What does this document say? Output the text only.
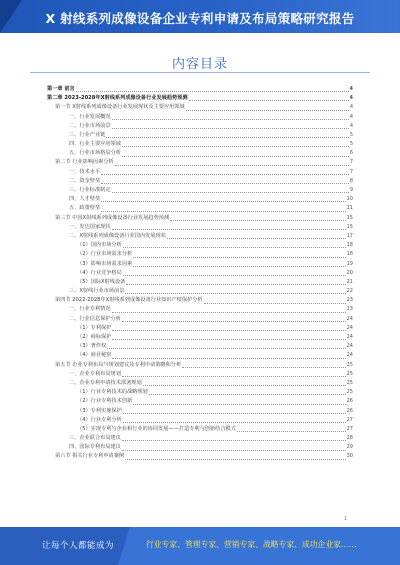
X 射线系列成像设备企业专利申请及布局策略研究报告
内容目录
第一章 前言	4
第二章 2023-2028年X射线系列成像设备行业发展趋势预测	4
第一节 X射线系列成像设备行业发展现状及主要应用领域	4
一、行业发展概况	4
二、行业市场前景	4
三、行业产业链	5
四、行业主要应用领域	5
五、行业市场格局分析	6
第二节 行业影响因素分析	7
一、技术水平	7
二、资金壁垒	8
三、行业标准制定	9
四、人才壁垒	10
五、政策壁垒	11
第三节 中国X射线系列成像设备行业发展趋势预测	15
一、发达国家现状	15
二、X射线系列成像设备行业国内发展现状	17
（1）国内市场分析	18
（2）行业市场需求分析	18
（3）影响市场需求因素	19
（4）行业竞争格局	20
（5）国际X射线设备	21
三、X射线行业市场前景	22
第四节 2022-2028年X射线系列成像设备行业知识产权保护分析	23
一、行业专利情况	23
二、行业信息保护分析	24
（1）专利保护	24
（2）商标保护	24
（3）著作权	24
（4）商业秘密	24
第五节 企业专利布局与规划建议及专利申请策略和分析	25
一、企业专利布局规划	25
二、企业专利申请技术部署规划	25
（1）行业专利技术的战略规划	25
（2）行业专利技术创新	26
（3）专利实施保护	26
（4）行业专利分析	27
（5）实现专利与企业和行业的协同发展——打造专利与创新结合模式	27
三、企业联合布局建议	28
四、国际专利布局建议	29
第六节 相关行业专利申请案例	30
1
让每个人都能成为	行业专家、管理专家、营销专家、战略专家、成功企业家……
